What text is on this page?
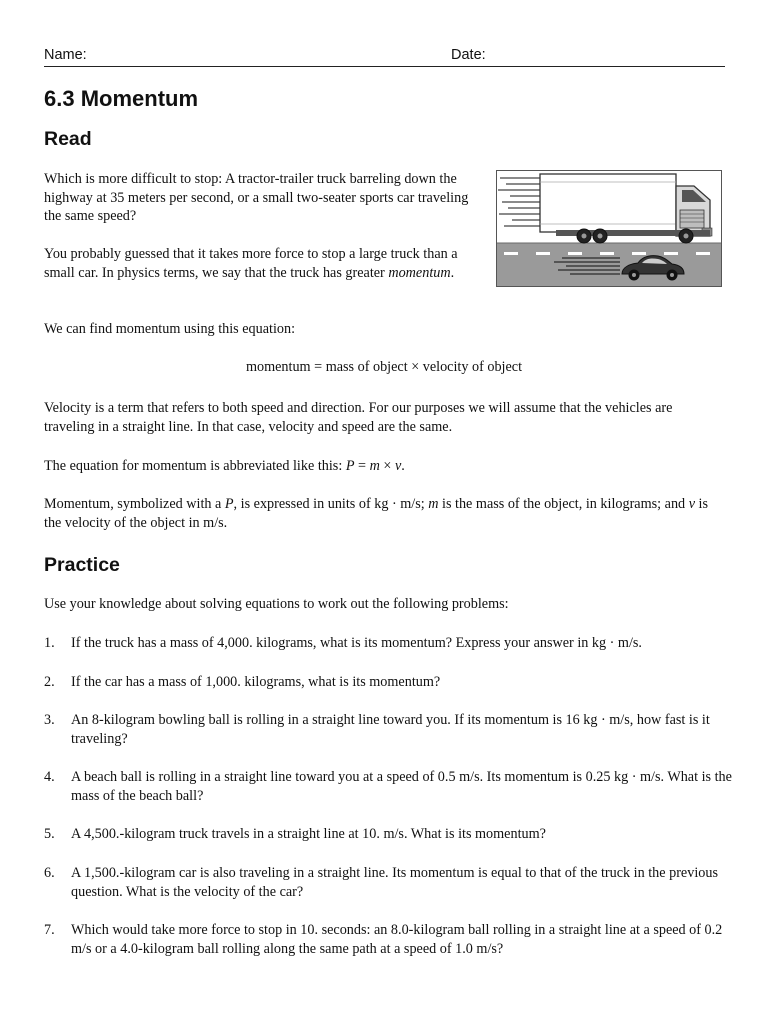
Name:	Date:
6.3 Momentum
Read

Which is more difficult to stop: A tractor-trailer truck barreling down the highway at 35 meters per second, or a small two-seater sports car traveling the same speed?

You probably guessed that it takes more force to stop a large truck than a small car. In physics terms, we say that the truck has greater momentum.

We can find momentum using this equation:

momentum = mass of object × velocity of object

Velocity is a term that refers to both speed and direction. For our purposes we will assume that the vehicles are traveling in a straight line. In that case, velocity and speed are the same.

The equation for momentum is abbreviated like this: P = m × v.

Momentum, symbolized with a P, is expressed in units of kg · m/s; m is the mass of the object, in kilograms; and v is the velocity of the object in m/s.

Practice

Use your knowledge about solving equations to work out the following problems:

1. If the truck has a mass of 4,000. kilograms, what is its momentum? Express your answer in kg · m/s.
2. If the car has a mass of 1,000. kilograms, what is its momentum?
3. An 8-kilogram bowling ball is rolling in a straight line toward you. If its momentum is 16 kg · m/s, how fast is it traveling?
4. A beach ball is rolling in a straight line toward you at a speed of 0.5 m/s. Its momentum is 0.25 kg · m/s. What is the mass of the beach ball?
5. A 4,500.-kilogram truck travels in a straight line at 10. m/s. What is its momentum?
6. A 1,500.-kilogram car is also traveling in a straight line. Its momentum is equal to that of the truck in the previous question. What is the velocity of the car?
7. Which would take more force to stop in 10. seconds: an 8.0-kilogram ball rolling in a straight line at a speed of 0.2 m/s or a 4.0-kilogram ball rolling along the same path at a speed of 1.0 m/s?
